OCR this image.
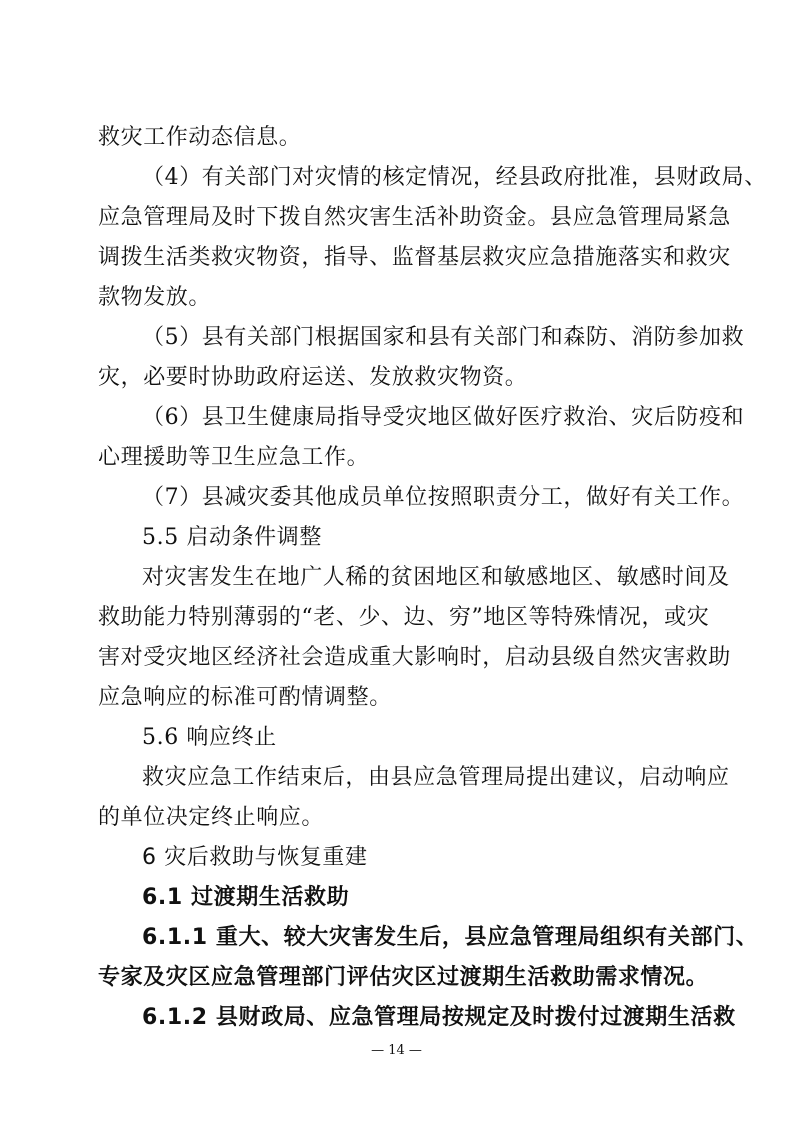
救灾工作动态信息。
（4）有关部门对灾情的核定情况，经县政府批准，县财政局、
应急管理局及时下拨自然灾害生活补助资金。县应急管理局紧急
调拨生活类救灾物资，指导、监督基层救灾应急措施落实和救灾
款物发放。
（5）县有关部门根据国家和县有关部门和森防、消防参加救
灾，必要时协助政府运送、发放救灾物资。
（6）县卫生健康局指导受灾地区做好医疗救治、灾后防疫和
心理援助等卫生应急工作。
（7）县减灾委其他成员单位按照职责分工，做好有关工作。
5.5 启动条件调整
对灾害发生在地广人稀的贫困地区和敏感地区、敏感时间及
救助能力特别薄弱的“老、少、边、穷”地区等特殊情况，或灾
害对受灾地区经济社会造成重大影响时，启动县级自然灾害救助
应急响应的标准可酌情调整。
5.6 响应终止
救灾应急工作结束后，由县应急管理局提出建议，启动响应
的单位决定终止响应。
6 灾后救助与恢复重建
6.1 过渡期生活救助
6.1.1 重大、较大灾害发生后，县应急管理局组织有关部门、
专家及灾区应急管理部门评估灾区过渡期生活救助需求情况。
6.1.2 县财政局、应急管理局按规定及时拨付过渡期生活救
— 14 —
